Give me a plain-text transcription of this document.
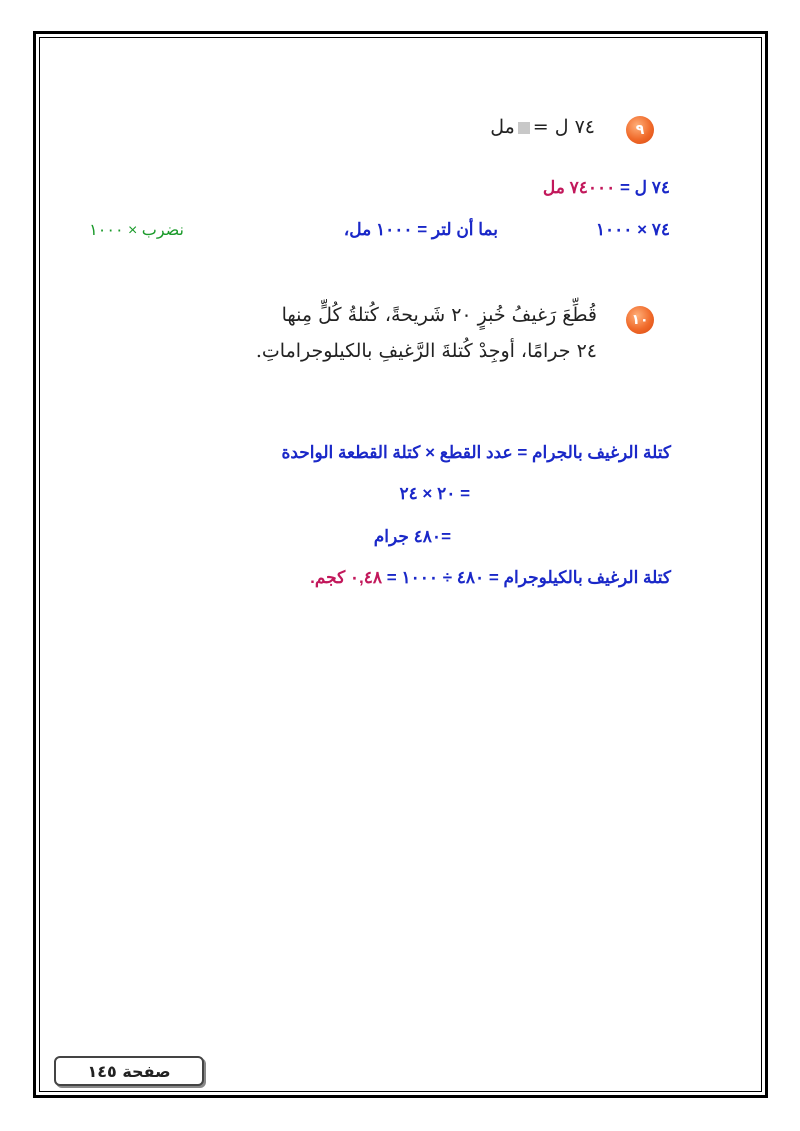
٩
٧٤ ل =مل
٧٤ ل = ٧٤٠٠٠ مل
٧٤ × ١٠٠٠
بما أن لتر = ١٠٠٠ مل،
نضرب × ١٠٠٠
١٠
قُطِّعَ رَغيفُ خُبزٍ ٢٠ شَريحةً، كُتلةُ كُلٍّ مِنها
٢٤ جرامًا، أوجِدْ كُتلةَ الرَّغيفِ بالكيلوجراماتِ.
كتلة الرغيف بالجرام = عدد القطع × كتلة القطعة الواحدة
= ٢٠ × ٢٤
=٤٨٠ جرام
كتلة الرغيف بالكيلوجرام = ٤٨٠ ÷ ١٠٠٠ = ٠,٤٨ كجم.
صفحة ١٤٥
